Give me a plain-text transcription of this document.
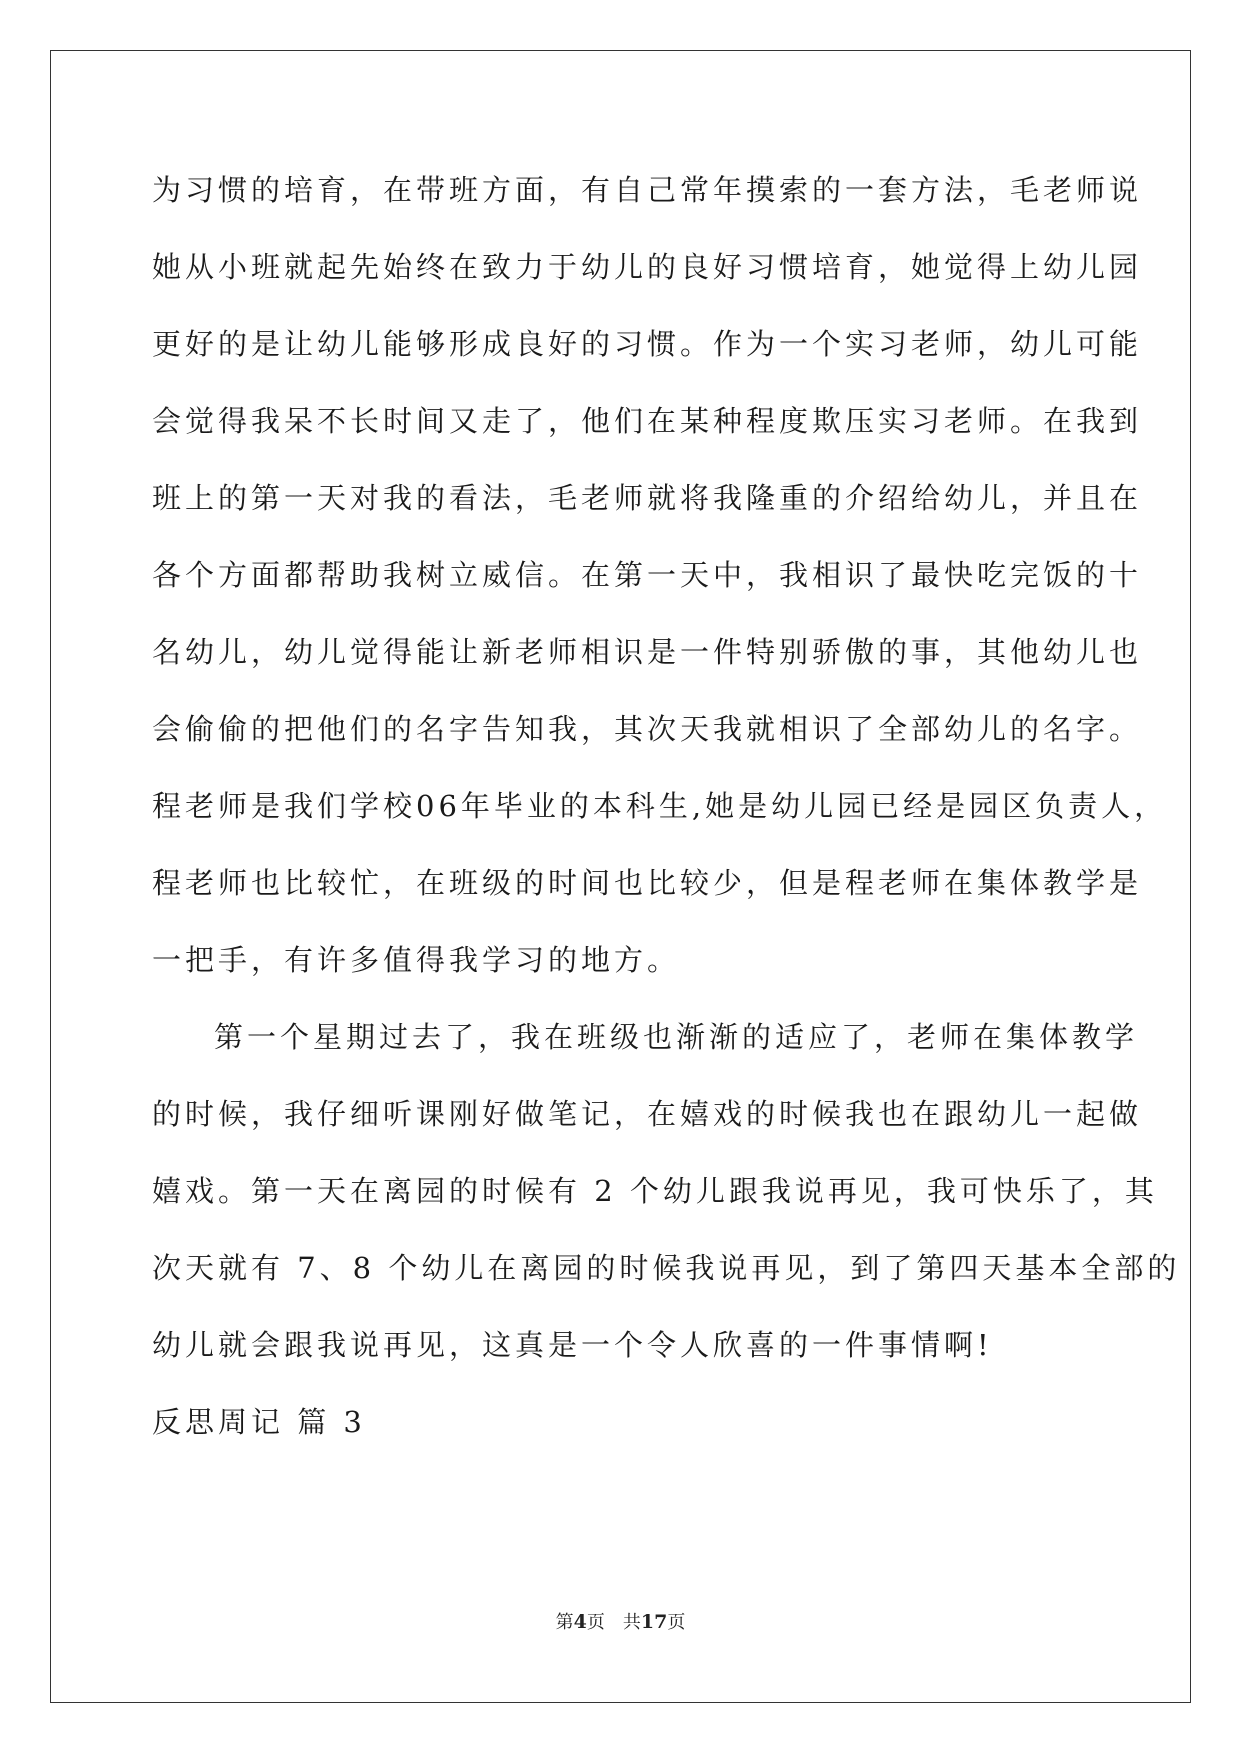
为习惯的培育，在带班方面，有自己常年摸索的一套方法，毛老师说
她从小班就起先始终在致力于幼儿的良好习惯培育，她觉得上幼儿园
更好的是让幼儿能够形成良好的习惯。作为一个实习老师，幼儿可能
会觉得我呆不长时间又走了，他们在某种程度欺压实习老师。在我到
班上的第一天对我的看法，毛老师就将我隆重的介绍给幼儿，并且在
各个方面都帮助我树立威信。在第一天中，我相识了最快吃完饭的十
名幼儿，幼儿觉得能让新老师相识是一件特别骄傲的事，其他幼儿也
会偷偷的把他们的名字告知我，其次天我就相识了全部幼儿的名字。
程老师是我们学校06年毕业的本科生,她是幼儿园已经是园区负责人，
程老师也比较忙，在班级的时间也比较少，但是程老师在集体教学是
一把手，有许多值得我学习的地方。
第一个星期过去了，我在班级也渐渐的适应了，老师在集体教学
的时候，我仔细听课刚好做笔记，在嬉戏的时候我也在跟幼儿一起做
嬉戏。第一天在离园的时候有 2 个幼儿跟我说再见，我可快乐了，其
次天就有 7、8 个幼儿在离园的时候我说再见，到了第四天基本全部的
幼儿就会跟我说再见，这真是一个令人欣喜的一件事情啊!
反思周记 篇 3
第4页 共17页
